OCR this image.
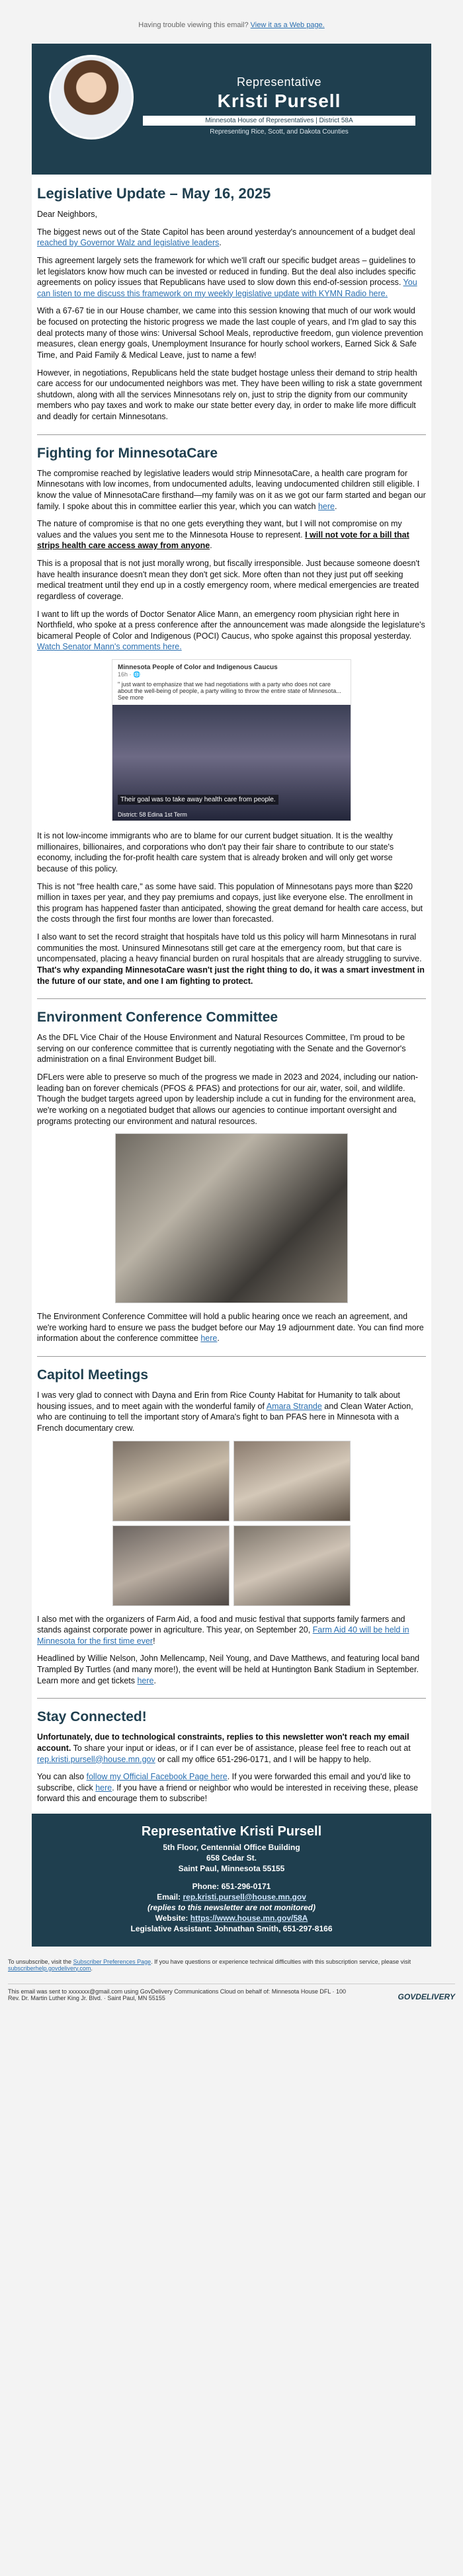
Having trouble viewing this email? View it as a Web page.
Representative
Kristi Pursell
Minnesota House of Representatives | District 58A
Representing Rice, Scott, and Dakota Counties
Legislative Update – May 16, 2025

Dear Neighbors,

The biggest news out of the State Capitol has been around yesterday's announcement of a budget deal reached by Governor Walz and legislative leaders.

This agreement largely sets the framework for which we'll craft our specific budget areas – guidelines to let legislators know how much can be invested or reduced in funding. But the deal also includes specific agreements on policy issues that Republicans have used to slow down this end-of-session process. You can listen to me discuss this framework on my weekly legislative update with KYMN Radio here.

With a 67-67 tie in our House chamber, we came into this session knowing that much of our work would be focused on protecting the historic progress we made the last couple of years, and I'm glad to say this deal protects many of those wins: Universal School Meals, reproductive freedom, gun violence prevention measures, clean energy goals, Unemployment Insurance for hourly school workers, Earned Sick & Safe Time, and Paid Family & Medical Leave, just to name a few!

However, in negotiations, Republicans held the state budget hostage unless their demand to strip health care access for our undocumented neighbors was met. They have been willing to risk a state government shutdown, along with all the services Minnesotans rely on, just to strip the dignity from our community members who pay taxes and work to make our state better every day, in order to make life more difficult and deadly for certain Minnesotans.

Fighting for MinnesotaCare

The compromise reached by legislative leaders would strip MinnesotaCare, a health care program for Minnesotans with low incomes, from undocumented adults, leaving undocumented children still eligible. I know the value of MinnesotaCare firsthand—my family was on it as we got our farm started and began our family. I spoke about this in committee earlier this year, which you can watch here.

The nature of compromise is that no one gets everything they want, but I will not compromise on my values and the values you sent me to the Minnesota House to represent. I will not vote for a bill that strips health care access away from anyone.

This is a proposal that is not just morally wrong, but fiscally irresponsible. Just because someone doesn't have health insurance doesn't mean they don't get sick. More often than not they just put off seeking medical treatment until they end up in a costly emergency room, where medical emergencies are treated regardless of coverage.

I want to lift up the words of Doctor Senator Alice Mann, an emergency room physician right here in Northfield, who spoke at a press conference after the announcement was made alongside the legislature's bicameral People of Color and Indigenous (POCI) Caucus, who spoke against this proposal yesterday. Watch Senator Mann's comments here.

Minnesota People of Color and Indigenous Caucus
16h · 🌐
" just want to emphasize that we had negotiations with a party who does not care about the well-being of people, a party willing to throw the entire state of Minnesota... See more
Their goal was to take away health care from people.
District: 58 Edina 1st Term

It is not low-income immigrants who are to blame for our current budget situation. It is the wealthy millionaires, billionaires, and corporations who don't pay their fair share to contribute to our state's economy, including the for-profit health care system that is already broken and will only get worse because of this policy.

This is not "free health care," as some have said. This population of Minnesotans pays more than $220 million in taxes per year, and they pay premiums and copays, just like everyone else. The enrollment in this program has happened faster than anticipated, showing the great demand for health care access, but the costs through the first four months are lower than forecasted.

I also want to set the record straight that hospitals have told us this policy will harm Minnesotans in rural communities the most. Uninsured Minnesotans still get care at the emergency room, but that care is uncompensated, placing a heavy financial burden on rural hospitals that are already struggling to survive. That's why expanding MinnesotaCare wasn't just the right thing to do, it was a smart investment in the future of our state, and one I am fighting to protect.

Environment Conference Committee

As the DFL Vice Chair of the House Environment and Natural Resources Committee, I'm proud to be serving on our conference committee that is currently negotiating with the Senate and the Governor's administration on a final Environment Budget bill.

DFLers were able to preserve so much of the progress we made in 2023 and 2024, including our nation-leading ban on forever chemicals (PFOS & PFAS) and protections for our air, water, soil, and wildlife. Though the budget targets agreed upon by leadership include a cut in funding for the environment area, we're working on a negotiated budget that allows our agencies to continue important oversight and programs protecting our environment and natural resources.

The Environment Conference Committee will hold a public hearing once we reach an agreement, and we're working hard to ensure we pass the budget before our May 19 adjournment date. You can find more information about the conference committee here.

Capitol Meetings

I was very glad to connect with Dayna and Erin from Rice County Habitat for Humanity to talk about housing issues, and to meet again with the wonderful family of Amara Strande and Clean Water Action, who are continuing to tell the important story of Amara's fight to ban PFAS here in Minnesota with a French documentary crew.

I also met with the organizers of Farm Aid, a food and music festival that supports family farmers and stands against corporate power in agriculture. This year, on September 20, Farm Aid 40 will be held in Minnesota for the first time ever!

Headlined by Willie Nelson, John Mellencamp, Neil Young, and Dave Matthews, and featuring local band Trampled By Turtles (and many more!), the event will be held at Huntington Bank Stadium in September. Learn more and get tickets here.

Stay Connected!

Unfortunately, due to technological constraints, replies to this newsletter won't reach my email account. To share your input or ideas, or if I can ever be of assistance, please feel free to reach out at rep.kristi.pursell@house.mn.gov or call my office 651-296-0171, and I will be happy to help.

You can also follow my Official Facebook Page here. If you were forwarded this email and you'd like to subscribe, click here. If you have a friend or neighbor who would be interested in receiving these, please forward this and encourage them to subscribe!

Representative Kristi Pursell
5th Floor, Centennial Office Building
658 Cedar St.
Saint Paul, Minnesota 55155
Phone: 651-296-0171
Email: rep.kristi.pursell@house.mn.gov
(replies to this newsletter are not monitored)
Website: https://www.house.mn.gov/58A
Legislative Assistant: Johnathan Smith, 651-297-8166
To unsubscribe, visit the Subscriber Preferences Page. If you have questions or experience technical difficulties with this subscription service, please visit subscriberhelp.govdelivery.com.
This email was sent to xxxxxxx@gmail.com using GovDelivery Communications Cloud on behalf of: Minnesota House DFL · 100 Rev. Dr. Martin Luther King Jr. Blvd. · Saint Paul, MN 55155	GOVDELIVERY
